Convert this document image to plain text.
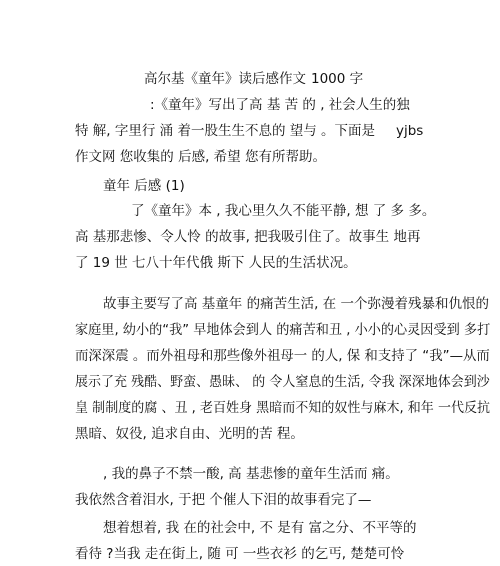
高尔基《童年》读后感作文 1000 字
:《童年》写出了高 基 苦 的 , 社会人生的独
特 解, 字里行 涌 着一股生生不息的 望与 。下面是 yjbs
作文网 您收集的 后感, 希望 您有所帮助。
童年 后感 (1)
了《童年》本 , 我心里久久不能平静, 想 了 多 多。
高 基那悲惨、令人怜 的故事, 把我吸引住了。故事生 地再
了 19 世 七八十年代俄 斯下 人民的生活状况。
故事主要写了高 基童年 的痛苦生活, 在 一个弥漫着残暴和仇恨的
家庭里, 幼小的“我” 早地体会到人 的痛苦和丑 , 小小的心灵因受到 多打
而深深震 。而外祖母和那些像外祖母一 的人, 保 和支持了 “我”—从而
展示了充 残酷、野蛮、愚昧、 的 令人窒息的生活, 令我 深深地体会到沙
皇 制制度的腐 、丑 , 老百姓身 黑暗而不知的奴性与麻木, 和年 一代反抗
黑暗、奴役, 追求自由、光明的苦 程。
, 我的鼻子不禁一酸, 高 基悲惨的童年生活而 痛。
我依然含着泪水, 于把 个催人下泪的故事看完了—
想着想着, 我 在的社会中, 不 是有 富之分、不平等的
看待 ?当我 走在街上, 随 可 一些衣衫 的乞丐, 楚楚可怜
